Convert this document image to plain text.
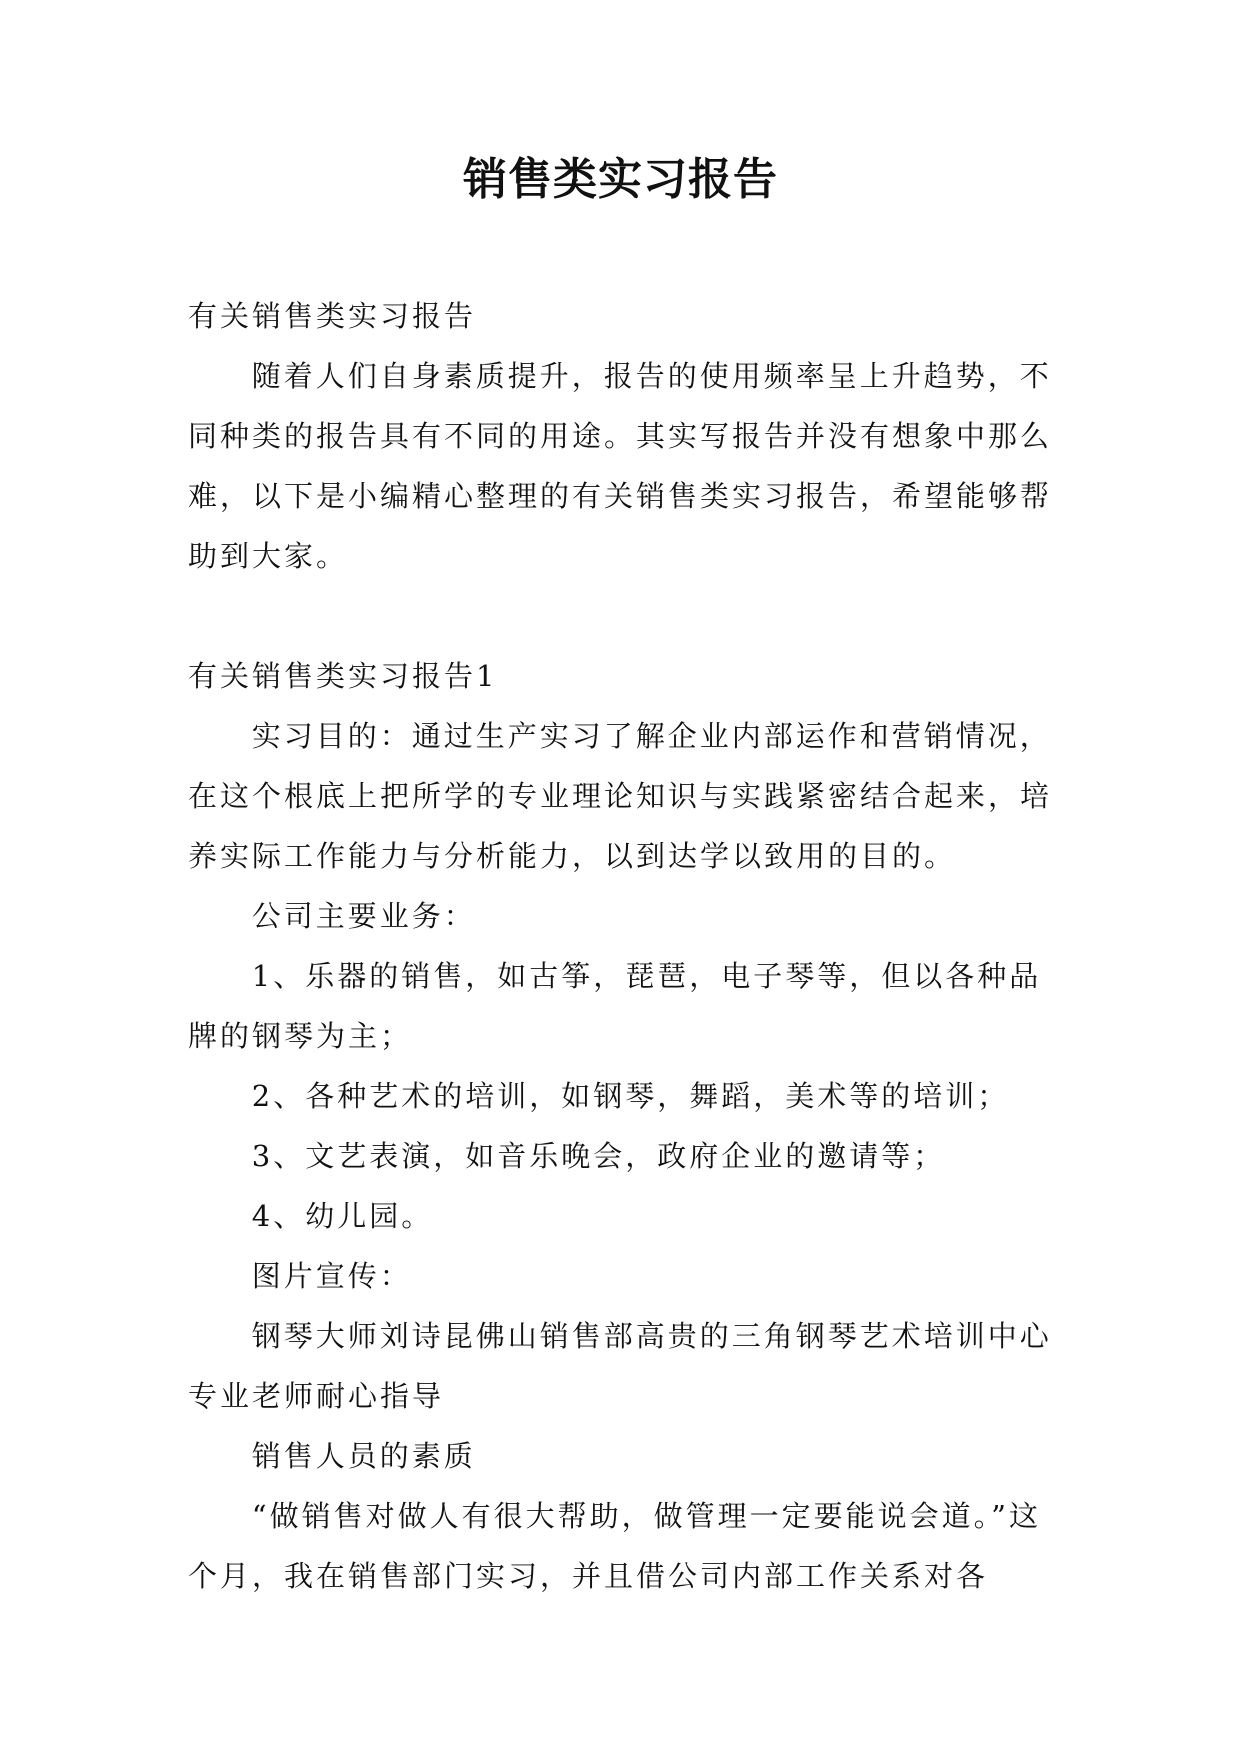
销售类实习报告

有关销售类实习报告

随着人们自身素质提升，报告的使用频率呈上升趋势，不同种类的报告具有不同的用途。其实写报告并没有想象中那么难，以下是小编精心整理的有关销售类实习报告，希望能够帮助到大家。

有关销售类实习报告1

实习目的：通过生产实习了解企业内部运作和营销情况，在这个根底上把所学的专业理论知识与实践紧密结合起来，培养实际工作能力与分析能力，以到达学以致用的目的。

公司主要业务：

1、乐器的销售，如古筝，琵琶，电子琴等，但以各种品牌的钢琴为主；

2、各种艺术的培训，如钢琴，舞蹈，美术等的培训；

3、文艺表演，如音乐晚会，政府企业的邀请等；

4、幼儿园。

图片宣传：

钢琴大师刘诗昆佛山销售部高贵的三角钢琴艺术培训中心专业老师耐心指导

销售人员的素质

“做销售对做人有很大帮助，做管理一定要能说会道。”这个月，我在销售部门实习，并且借公司内部工作关系对各
